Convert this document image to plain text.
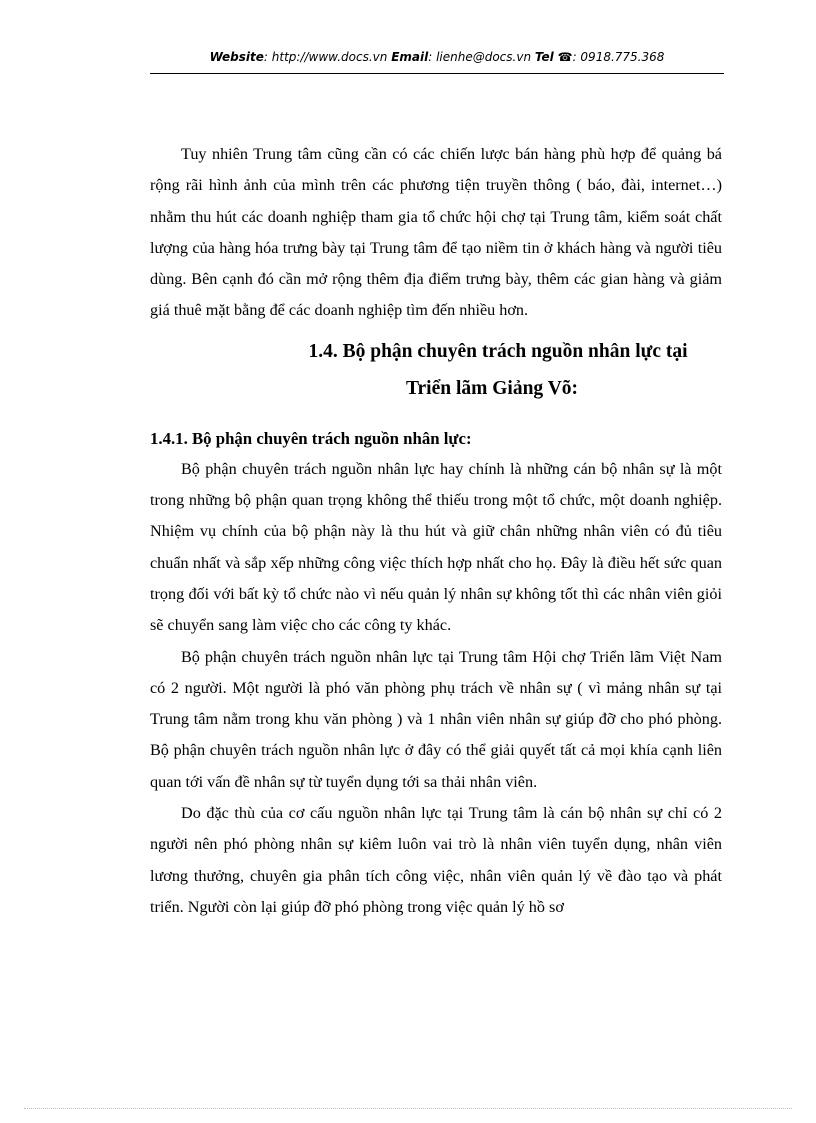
Website: http://www.docs.vn Email: lienhe@docs.vn Tel ☎: 0918.775.368

Tuy nhiên Trung tâm cũng cần có các chiến lược bán hàng phù hợp để quảng bá rộng rãi hình ảnh của mình trên các phương tiện truyền thông ( báo, đài, internet…) nhằm thu hút các doanh nghiệp tham gia tổ chức hội chợ tại Trung tâm, kiểm soát chất lượng của hàng hóa trưng bày tại Trung tâm để tạo niềm tin ở khách hàng và người tiêu dùng. Bên cạnh đó cần mở rộng thêm địa điểm trưng bày, thêm các gian hàng và giảm giá thuê mặt bằng để các doanh nghiệp tìm đến nhiều hơn.

1.4. Bộ phận chuyên trách nguồn nhân lực tại
Triển lãm Giảng Võ:
1.4.1. Bộ phận chuyên trách nguồn nhân lực:

Bộ phận chuyên trách nguồn nhân lực hay chính là những cán bộ nhân sự là một trong những bộ phận quan trọng không thể thiếu trong một tổ chức, một doanh nghiệp. Nhiệm vụ chính của bộ phận này là thu hút và giữ chân những nhân viên có đủ tiêu chuẩn nhất và sắp xếp những công việc thích hợp nhất cho họ. Đây là điều hết sức quan trọng đối với bất kỳ tổ chức nào vì nếu quản lý nhân sự không tốt thì các nhân viên giỏi sẽ chuyển sang làm việc cho các công ty khác.

Bộ phận chuyên trách nguồn nhân lực tại Trung tâm Hội chợ Triển lãm Việt Nam có 2 người. Một người là phó văn phòng phụ trách về nhân sự ( vì mảng nhân sự tại Trung tâm nằm trong khu văn phòng ) và 1 nhân viên nhân sự giúp đỡ cho phó phòng. Bộ phận chuyên trách nguồn nhân lực ở đây có thể giải quyết tất cả mọi khía cạnh liên quan tới vấn đề nhân sự từ tuyển dụng tới sa thải nhân viên.

Do đặc thù của cơ cấu nguồn nhân lực tại Trung tâm là cán bộ nhân sự chỉ có 2 người nên phó phòng nhân sự kiêm luôn vai trò là nhân viên tuyển dụng, nhân viên lương thưởng, chuyên gia phân tích công việc, nhân viên quản lý về đào tạo và phát triển. Người còn lại giúp đỡ phó phòng trong việc quản lý hồ sơ
